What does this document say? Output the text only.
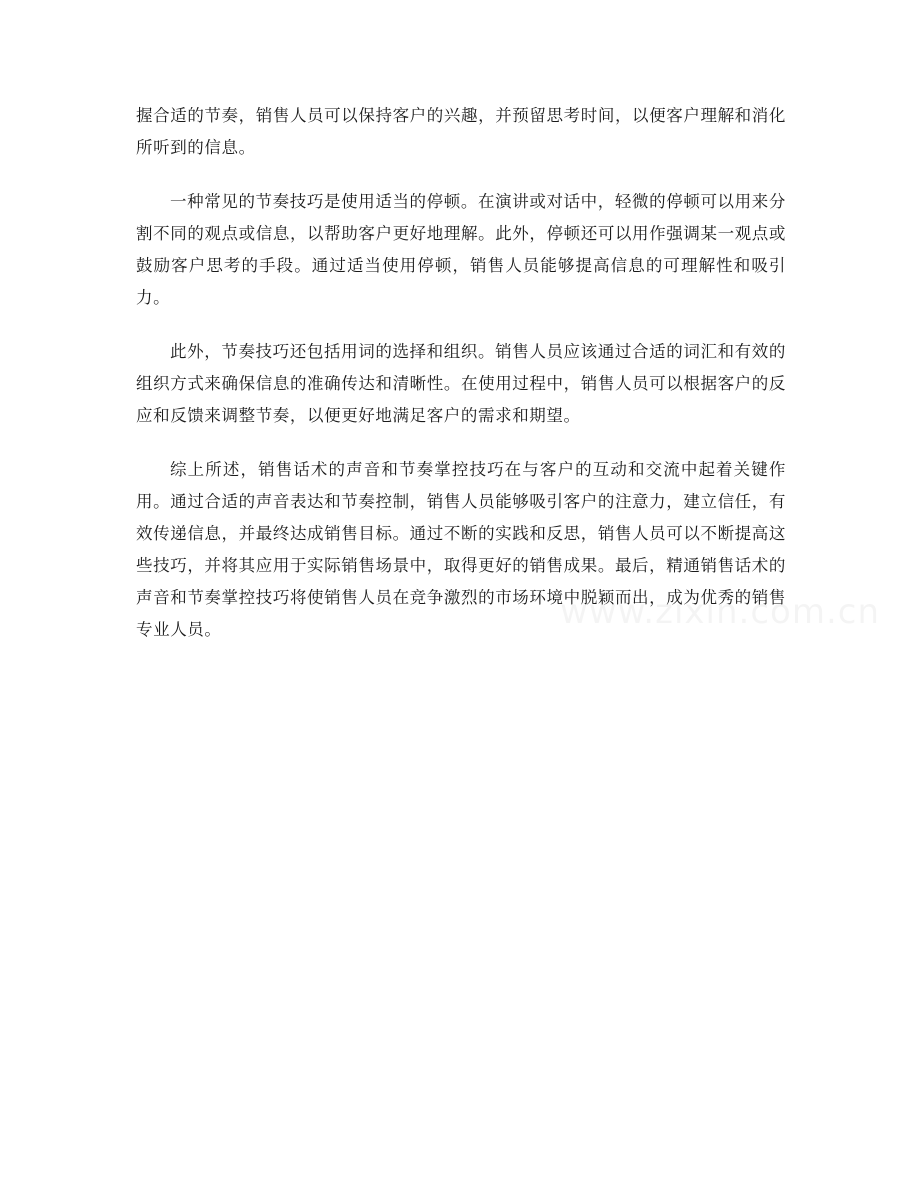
握合适的节奏，销售人员可以保持客户的兴趣，并预留思考时间，以便客户理解和消化所听到的信息。

一种常见的节奏技巧是使用适当的停顿。在演讲或对话中，轻微的停顿可以用来分割不同的观点或信息，以帮助客户更好地理解。此外，停顿还可以用作强调某一观点或鼓励客户思考的手段。通过适当使用停顿，销售人员能够提高信息的可理解性和吸引力。

此外，节奏技巧还包括用词的选择和组织。销售人员应该通过合适的词汇和有效的组织方式来确保信息的准确传达和清晰性。在使用过程中，销售人员可以根据客户的反应和反馈来调整节奏，以便更好地满足客户的需求和期望。

综上所述，销售话术的声音和节奏掌控技巧在与客户的互动和交流中起着关键作用。通过合适的声音表达和节奏控制，销售人员能够吸引客户的注意力，建立信任，有效传递信息，并最终达成销售目标。通过不断的实践和反思，销售人员可以不断提高这些技巧，并将其应用于实际销售场景中，取得更好的销售成果。最后，精通销售话术的声音和节奏掌控技巧将使销售人员在竞争激烈的市场环境中脱颖而出，成为优秀的销售专业人员。
